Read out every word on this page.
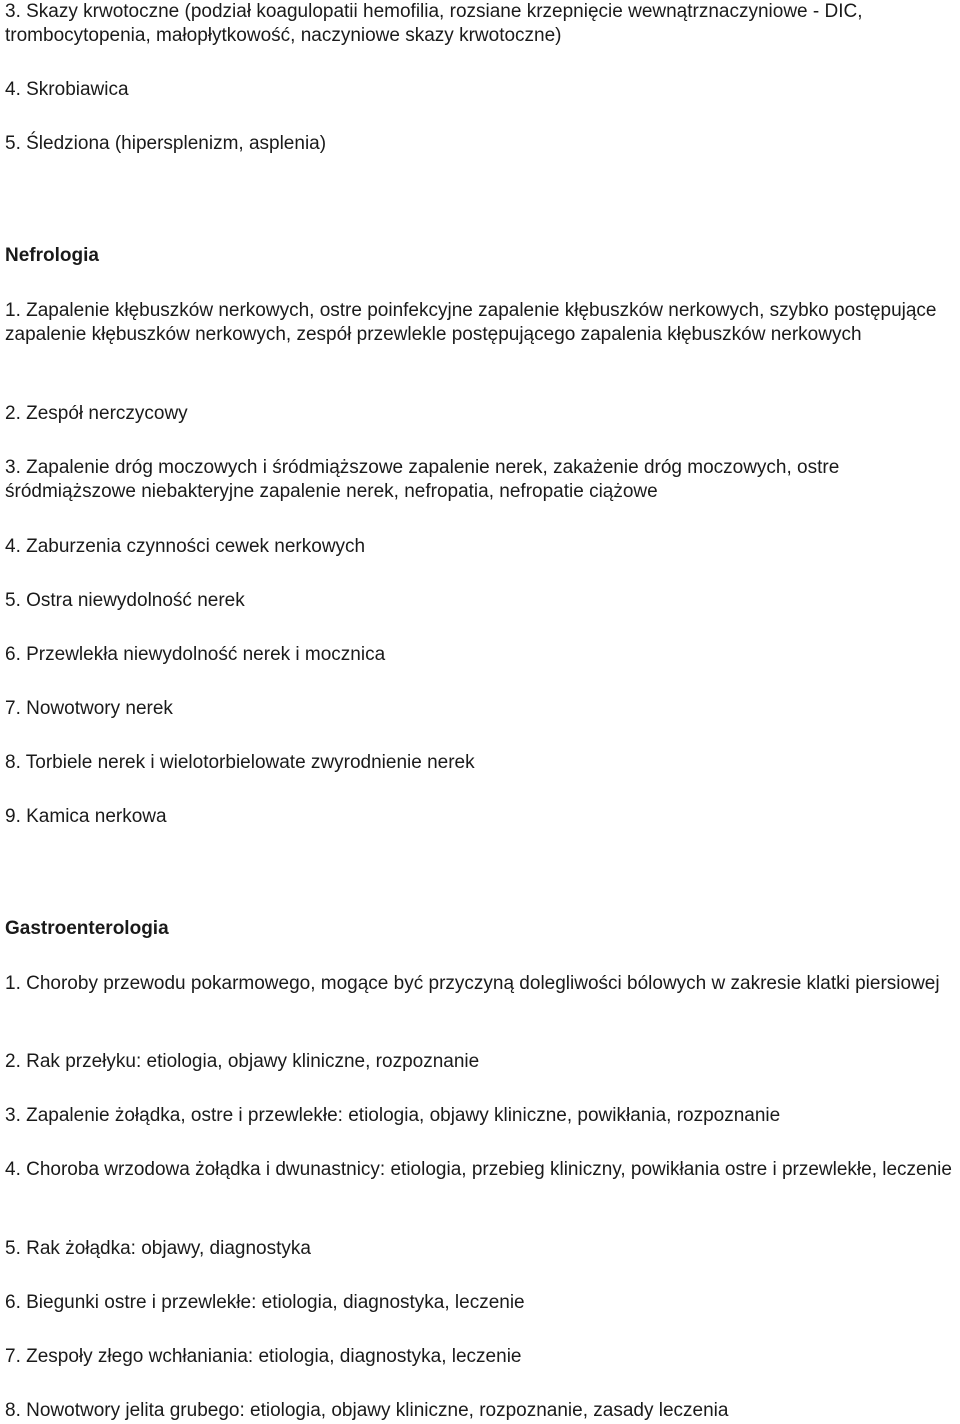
3. Skazy krwotoczne (podział koagulopatii hemofilia, rozsiane krzepnięcie wewnątrznaczyniowe - DIC, trombocytopenia, małopłytkowość, naczyniowe skazy krwotoczne)

4. Skrobiawica

5. Śledziona (hipersplenizm, asplenia)

Nefrologia

1. Zapalenie kłębuszków nerkowych, ostre poinfekcyjne zapalenie kłębuszków nerkowych, szybko postępujące zapalenie kłębuszków nerkowych, zespół przewlekle postępującego zapalenia kłębuszków nerkowych

2. Zespół nerczycowy

3. Zapalenie dróg moczowych i śródmiąższowe zapalenie nerek, zakażenie dróg moczowych, ostre śródmiąższowe niebakteryjne zapalenie nerek, nefropatia, nefropatie ciążowe

4. Zaburzenia czynności cewek nerkowych

5. Ostra niewydolność nerek

6. Przewlekła niewydolność nerek i mocznica

7. Nowotwory nerek

8. Torbiele nerek i wielotorbielowate zwyrodnienie nerek

9. Kamica nerkowa

Gastroenterologia

1. Choroby przewodu pokarmowego, mogące być przyczyną dolegliwości bólowych w zakresie klatki piersiowej

2. Rak przełyku: etiologia, objawy kliniczne, rozpoznanie

3. Zapalenie żołądka, ostre i przewlekłe: etiologia, objawy kliniczne, powikłania, rozpoznanie

4. Choroba wrzodowa żołądka i dwunastnicy: etiologia, przebieg kliniczny, powikłania ostre i przewlekłe, leczenie

5. Rak żołądka: objawy, diagnostyka

6. Biegunki ostre i przewlekłe: etiologia, diagnostyka, leczenie

7. Zespoły złego wchłaniania: etiologia, diagnostyka, leczenie

8. Nowotwory jelita grubego: etiologia, objawy kliniczne, rozpoznanie, zasady leczenia
